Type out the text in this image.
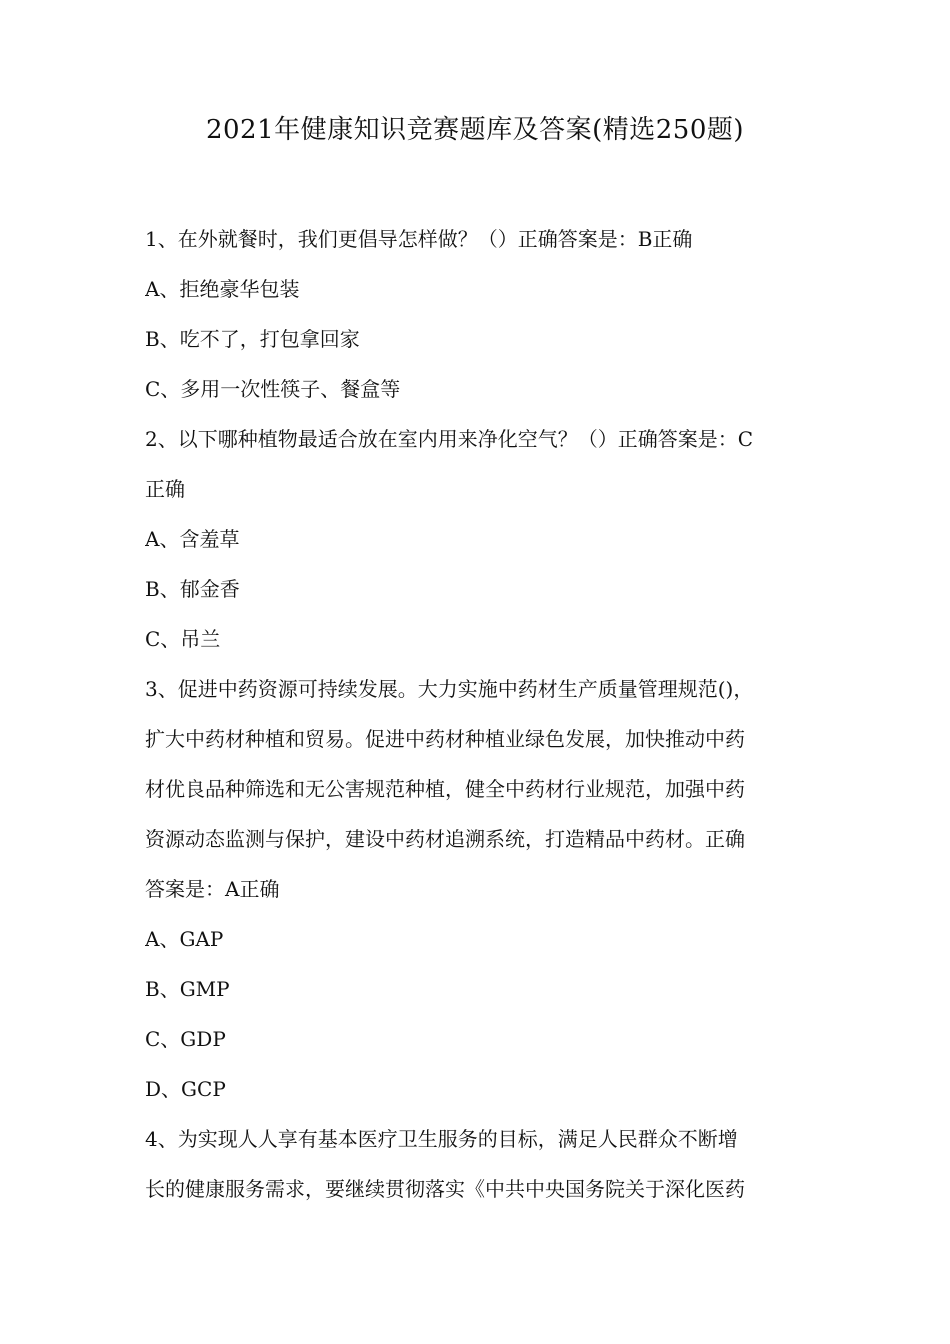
2021年健康知识竞赛题库及答案(精选250题)
1、在外就餐时，我们更倡导怎样做？（）正确答案是：B正确
A、拒绝豪华包装
B、吃不了，打包拿回家
C、多用一次性筷子、餐盒等
2、以下哪种植物最适合放在室内用来净化空气？（）正确答案是：C
正确
A、含羞草
B、郁金香
C、吊兰
3、促进中药资源可持续发展。大力实施中药材生产质量管理规范()，
扩大中药材种植和贸易。促进中药材种植业绿色发展，加快推动中药
材优良品种筛选和无公害规范种植，健全中药材行业规范，加强中药
资源动态监测与保护，建设中药材追溯系统，打造精品中药材。正确
答案是：A正确
A、GAP
B、GMP
C、GDP
D、GCP
4、为实现人人享有基本医疗卫生服务的目标，满足人民群众不断增
长的健康服务需求，要继续贯彻落实《中共中央国务院关于深化医药
